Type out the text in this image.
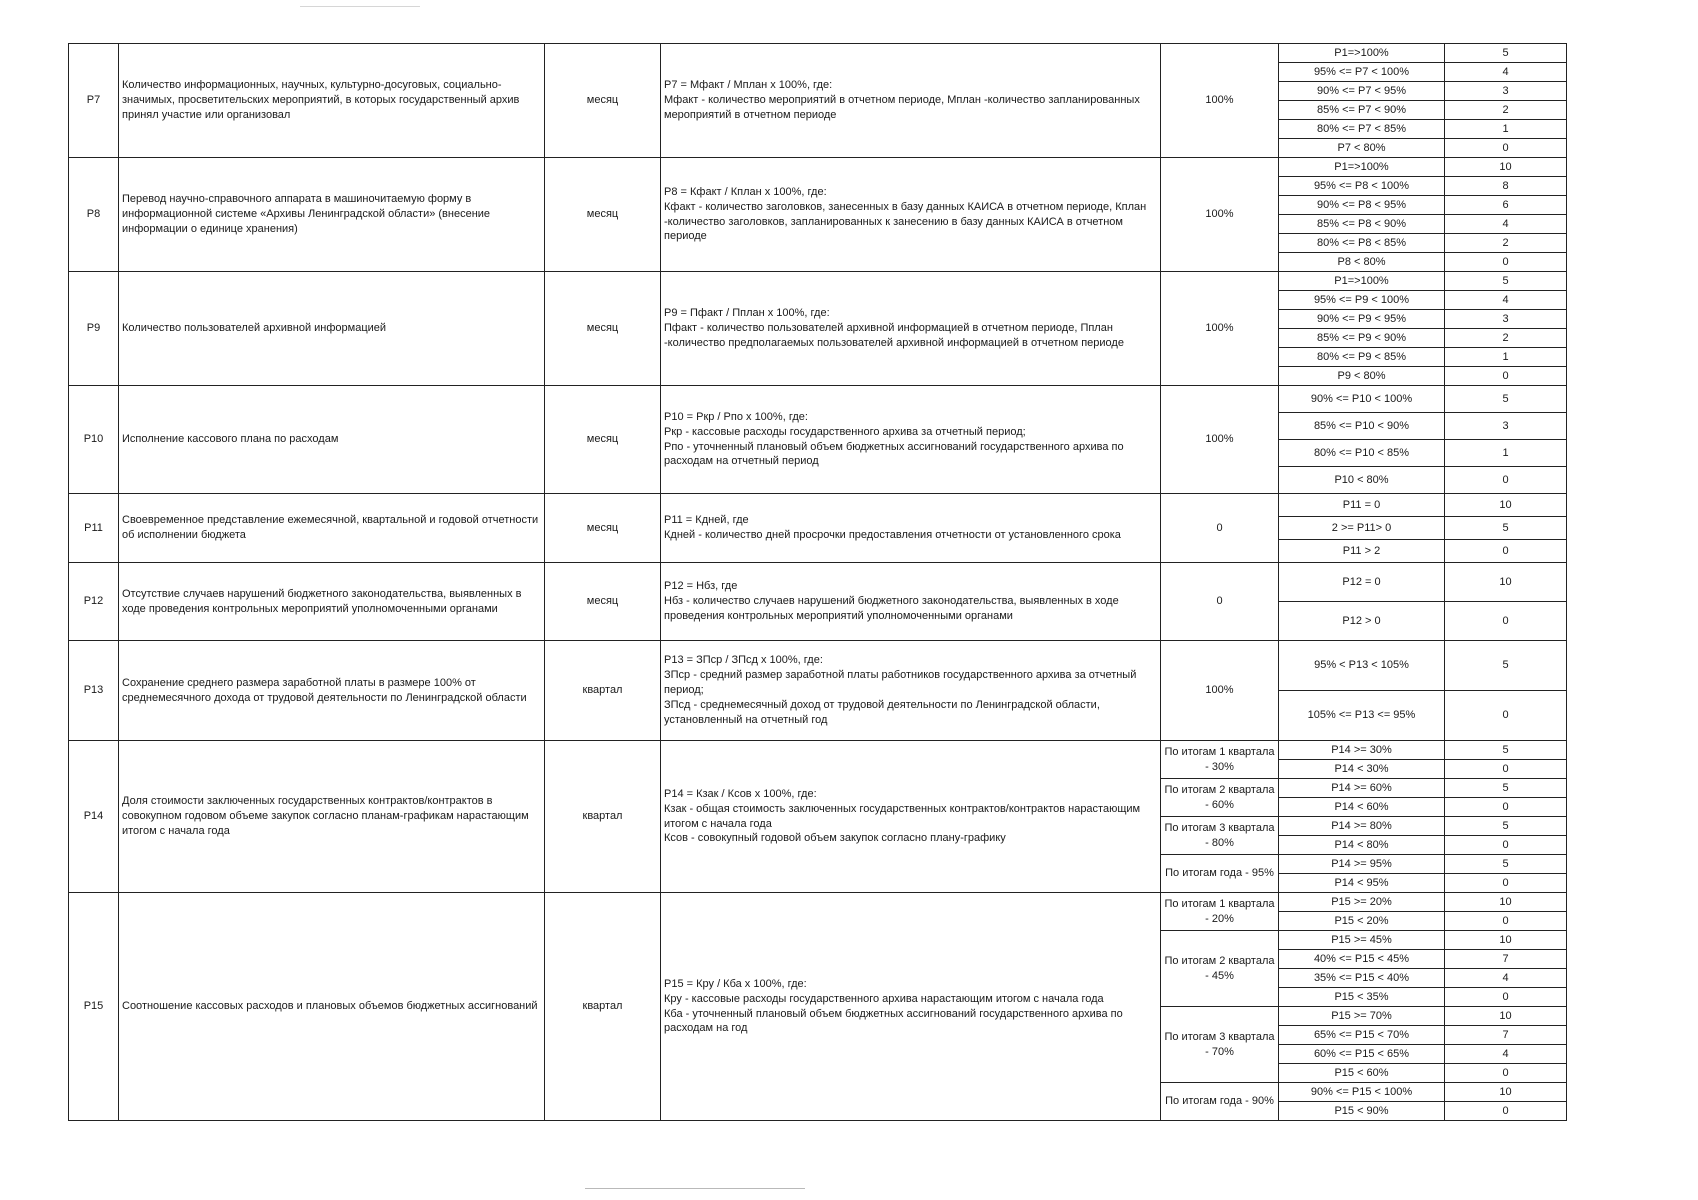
Р7	Количество информационных, научных, культурно-досуговых, социально-значимых, просветительских мероприятий, в которых государственный архив принял участие или организовал	месяц	Р7 = Мфакт / Мплан х 100%, где:
Мфакт - количество мероприятий в отчетном периоде, Мплан -количество запланированных мероприятий в отчетном периоде	100%	Р1=>100%	5
					95% <= Р7 < 100%	4
					90% <= Р7 < 95%	3
					85% <= Р7 < 90%	2
					80% <= Р7 < 85%	1
					Р7 < 80%	0
Р8	Перевод научно-справочного аппарата в машиночитаемую форму в информационной системе «Архивы Ленинградской области» (внесение информации о единице хранения)	месяц	Р8 = Кфакт / Кплан х 100%, где:
Кфакт - количество заголовков, занесенных в базу данных КАИСА в отчетном периоде, Кплан -количество заголовков, запланированных к занесению в базу данных КАИСА в отчетном периоде	100%	Р1=>100%	10
					95% <= Р8 < 100%	8
					90% <= Р8 < 95%	6
					85% <= Р8 < 90%	4
					80% <= Р8 < 85%	2
					Р8 < 80%	0
Р9	Количество пользователей архивной информацией	месяц	Р9 = Пфакт / Пплан х 100%, где:
Пфакт - количество пользователей архивной информацией в отчетном периоде, Пплан -количество предполагаемых пользователей архивной информацией в отчетном периоде	100%	Р1=>100%	5
					95% <= Р9 < 100%	4
					90% <= Р9 < 95%	3
					85% <= Р9 < 90%	2
					80% <= Р9 < 85%	1
					Р9 < 80%	0
Р10	Исполнение кассового плана по расходам	месяц	Р10 = Ркр / Рпо х 100%, где:
Ркр - кассовые расходы государственного архива за отчетный период;
Рпо - уточненный плановый объем бюджетных ассигнований государственного архива по расходам на отчетный период	100%	90% <= Р10 < 100%	5
					85% <= Р10 < 90%	3
					80% <= Р10 < 85%	1
					Р10 < 80%	0
Р11	Своевременное представление ежемесячной, квартальной и годовой отчетности об исполнении бюджета	месяц	Р11 = Кдней, где
Кдней - количество дней просрочки предоставления отчетности от установленного срока	0	Р11 = 0	10
					2 >= Р11> 0	5
					Р11 > 2	0
Р12	Отсутствие случаев нарушений бюджетного законодательства, выявленных в ходе проведения контрольных мероприятий уполномоченными органами	месяц	Р12 = Нбз, где
Нбз - количество случаев нарушений бюджетного законодательства, выявленных в ходе проведения контрольных мероприятий уполномоченными органами	0	Р12 = 0	10
					Р12 > 0	0
Р13	Сохранение среднего размера заработной платы в размере 100% от среднемесячного дохода от трудовой деятельности по Ленинградской области	квартал	Р13 = ЗПср / ЗПсд х 100%, где:
ЗПср - средний размер заработной платы работников государственного архива за отчетный период;
ЗПсд - среднемесячный доход от трудовой деятельности по Ленинградской области, установленный на отчетный год	100%	95% < Р13 < 105%	5
					105% <= Р13 <= 95%	0
Р14	Доля стоимости заключенных государственных контрактов/контрактов в совокупном годовом объеме закупок согласно планам-графикам нарастающим итогом с начала года	квартал	Р14 = Кзак / Ксов х 100%, где:
Кзак - общая стоимость заключенных государственных контрактов/контрактов нарастающим итогом с начала года
Ксов - совокупный годовой объем закупок согласно плану-графику	По итогам 1 квартала - 30%	Р14 >= 30%	5
					Р14 < 30%	0
				По итогам 2 квартала - 60%	Р14 >= 60%	5
					Р14 < 60%	0
				По итогам 3 квартала - 80%	Р14 >= 80%	5
					Р14 < 80%	0
				По итогам года - 95%	Р14 >= 95%	5
					Р14 < 95%	0
Р15	Соотношение кассовых расходов и плановых объемов бюджетных ассигнований	квартал	Р15 = Кру / Кба х 100%, где:
Кру - кассовые расходы государственного архива нарастающим итогом с начала года
Кба - уточненный плановый объем бюджетных ассигнований государственного архива по расходам на год	По итогам 1 квартала - 20%	Р15 >= 20%	10
					Р15 < 20%	0
				По итогам 2 квартала - 45%	Р15 >= 45%	10
					40% <= Р15 < 45%	7
					35% <= Р15 < 40%	4
					Р15 < 35%	0
				По итогам 3 квартала - 70%	Р15 >= 70%	10
					65% <= Р15 < 70%	7
					60% <= Р15 < 65%	4
					Р15 < 60%	0
				По итогам года - 90%	90% <= Р15 < 100%	10
					Р15 < 90%	0
